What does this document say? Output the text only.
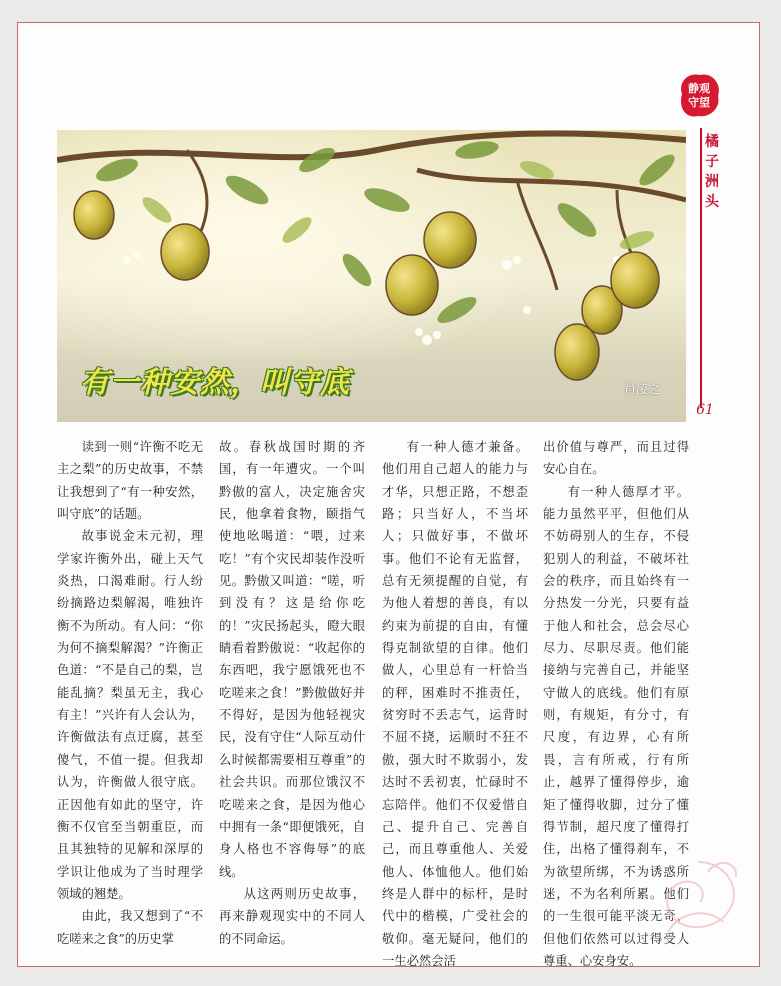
静观
守望
橘
子
洲
头
61
有一种安然，叫守底	肖凌之

读到一则“许衡不吃无主之梨”的历史故事，不禁让我想到了“有一种安然，叫守底”的话题。

故事说金末元初，理学家许衡外出，碰上天气炎热，口渴难耐。行人纷纷摘路边梨解渴，唯独许衡不为所动。有人问：“你为何不摘梨解渴？”许衡正色道：“不是自己的梨，岂能乱摘？梨虽无主，我心有主！”兴许有人会认为，许衡做法有点迂腐，甚至傻气，不值一提。但我却认为，许衡做人很守底。正因他有如此的坚守，许衡不仅官至当朝重臣，而且其独特的见解和深厚的学识让他成为了当时理学领域的翘楚。

由此，我又想到了“不吃嗟来之食”的历史掌

故。春秋战国时期的齐国，有一年遭灾。一个叫黔傲的富人，决定施舍灾民，他拿着食物，颐指气使地吆喝道：“喂，过来吃！”有个灾民却装作没听见。黔傲又叫道：“嗟，听到没有？这是给你吃的！”灾民扬起头，瞪大眼睛看着黔傲说：“收起你的东西吧，我宁愿饿死也不吃嗟来之食！”黔傲做好并不得好，是因为他轻视灾民，没有守住“人际互动什么时候都需要相互尊重”的社会共识。而那位饿汉不吃嗟来之食，是因为他心中拥有一条“即便饿死，自身人格也不容侮辱”的底线。

从这两则历史故事，再来静观现实中的不同人的不同命运。

有一种人德才兼备。他们用自己超人的能力与才华，只想正路，不想歪路；只当好人，不当坏人；只做好事，不做坏事。他们不论有无监督，总有无须提醒的自觉，有为他人着想的善良，有以约束为前提的自由，有懂得克制欲望的自律。他们做人，心里总有一杆恰当的秤，困难时不推责任，贫穷时不丢志气，运背时不屈不挠，运顺时不狂不傲，强大时不欺弱小，发达时不丢初衷，忙碌时不忘陪伴。他们不仅爱惜自己、提升自己、完善自己，而且尊重他人、关爱他人、体恤他人。他们始终是人群中的标杆，是时代中的楷模，广受社会的敬仰。毫无疑问，他们的一生必然会活

出价值与尊严，而且过得安心自在。

有一种人德厚才平。能力虽然平平，但他们从不妨碍别人的生存，不侵犯别人的利益，不破坏社会的秩序，而且始终有一分热发一分光，只要有益于他人和社会，总会尽心尽力、尽职尽责。他们能接纳与完善自己，并能坚守做人的底线。他们有原则，有规矩，有分寸，有尺度，有边界，心有所畏，言有所戒，行有所止，越界了懂得停步，逾矩了懂得收脚，过分了懂得节制，超尺度了懂得打住，出格了懂得刹车，不为欲望所绑，不为诱惑所迷，不为名利所累。他们的一生很可能平淡无奇，但他们依然可以过得受人尊重、心安身安。
